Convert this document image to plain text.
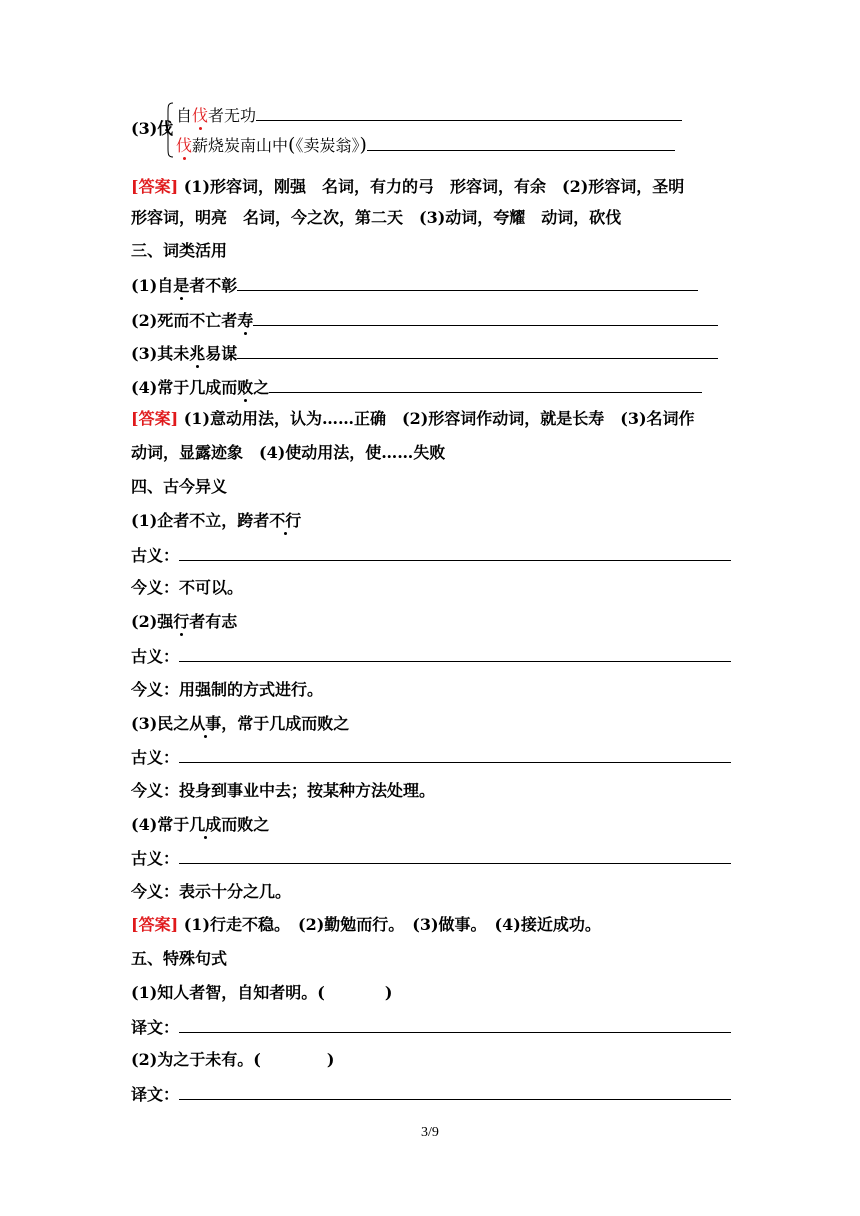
(3)伐
自伐者无功
伐薪烧炭南山中(《卖炭翁》)
[答案] (1)形容词，刚强　名词，有力的弓　形容词，有余　(2)形容词，圣明
形容词，明亮　名词，今之次，第二天　(3)动词，夸耀　动词，砍伐
三、词类活用
(1)自是者不彰
(2)死而不亡者寿
(3)其未兆易谋
(4)常于几成而败之
[答案] (1)意动用法，认为……正确　(2)形容词作动词，就是长寿　(3)名词作
动词，显露迹象　(4)使动用法，使……失败
四、古今异义
(1)企者不立，跨者不行
古义：
今义：不可以。
(2)强行者有志
古义：
今义：用强制的方式进行。
(3)民之从事，常于几成而败之
古义：
今义：投身到事业中去；按某种方法处理。
(4)常于几成而败之
古义：
今义：表示十分之几。
[答案] (1)行走不稳。　(2)勤勉而行。　(3)做事。　(4)接近成功。
五、特殊句式
(1)知人者智，自知者明。(	)
译文：
(2)为之于未有。(	)
译文：
3/9
